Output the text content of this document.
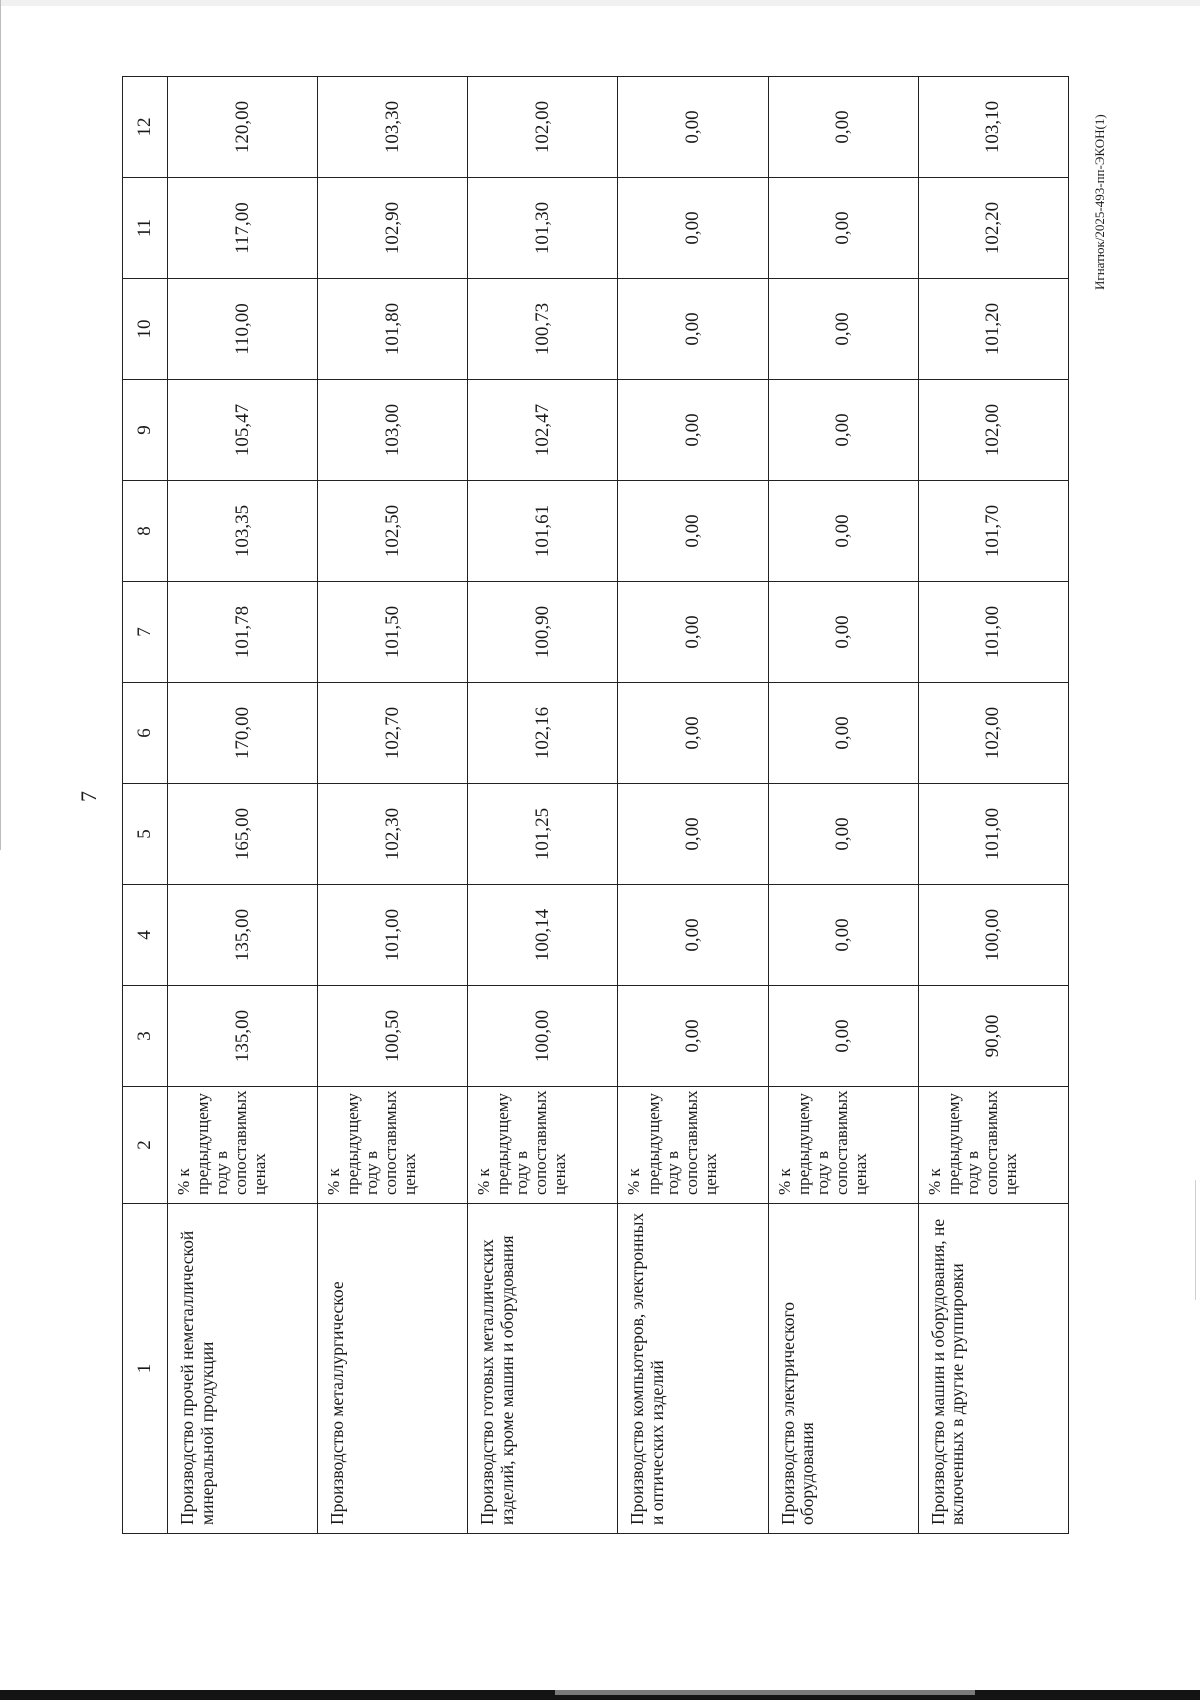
7
1	2	3	4	5	6	7	8	9	10	11	12
Производство прочей неметаллической минеральной продукции	% к предыдущему году в сопоставимых ценах	135,00	135,00	165,00	170,00	101,78	103,35	105,47	110,00	117,00	120,00
Производство металлургическое	% к предыдущему году в сопоставимых ценах	100,50	101,00	102,30	102,70	101,50	102,50	103,00	101,80	102,90	103,30
Производство готовых металлических изделий, кроме машин и оборудования	% к предыдущему году в сопоставимых ценах	100,00	100,14	101,25	102,16	100,90	101,61	102,47	100,73	101,30	102,00
Производство компьютеров, электронных и оптических изделий	% к предыдущему году в сопоставимых ценах	0,00	0,00	0,00	0,00	0,00	0,00	0,00	0,00	0,00	0,00
Производство электрического оборудования	% к предыдущему году в сопоставимых ценах	0,00	0,00	0,00	0,00	0,00	0,00	0,00	0,00	0,00	0,00
Производство машин и оборудования, не включенных в другие группировки	% к предыдущему году в сопоставимых ценах	90,00	100,00	101,00	102,00	101,00	101,70	102,00	101,20	102,20	103,10	Игнатюк/2025-493-пп-ЭКОН(1)
